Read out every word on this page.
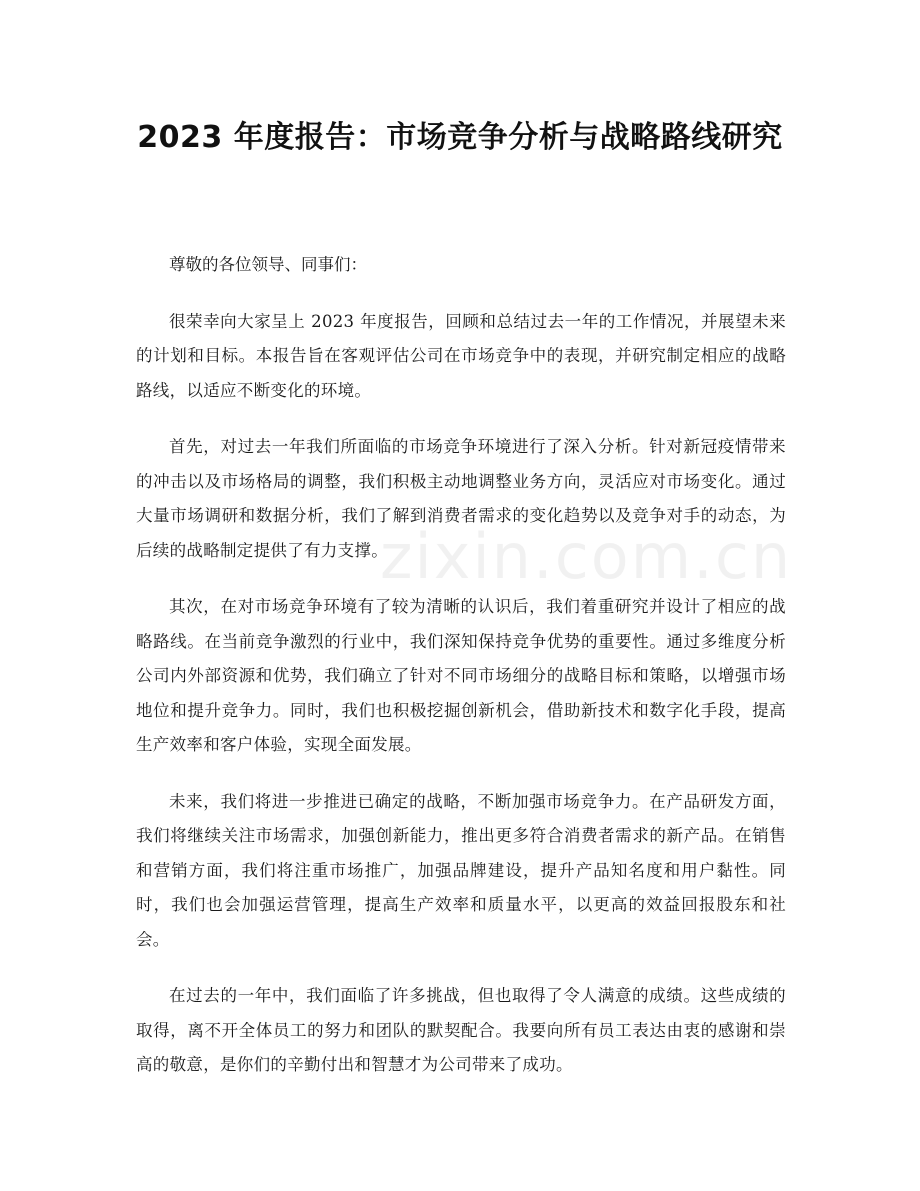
2023 年度报告：市场竞争分析与战略路线研究

尊敬的各位领导、同事们：

很荣幸向大家呈上 2023 年度报告，回顾和总结过去一年的工作情况，并展望未来的计划和目标。本报告旨在客观评估公司在市场竞争中的表现，并研究制定相应的战略路线，以适应不断变化的环境。

首先，对过去一年我们所面临的市场竞争环境进行了深入分析。针对新冠疫情带来的冲击以及市场格局的调整，我们积极主动地调整业务方向，灵活应对市场变化。通过大量市场调研和数据分析，我们了解到消费者需求的变化趋势以及竞争对手的动态，为后续的战略制定提供了有力支撑。

其次，在对市场竞争环境有了较为清晰的认识后，我们着重研究并设计了相应的战略路线。在当前竞争激烈的行业中，我们深知保持竞争优势的重要性。通过多维度分析公司内外部资源和优势，我们确立了针对不同市场细分的战略目标和策略，以增强市场地位和提升竞争力。同时，我们也积极挖掘创新机会，借助新技术和数字化手段，提高生产效率和客户体验，实现全面发展。

未来，我们将进一步推进已确定的战略，不断加强市场竞争力。在产品研发方面，我们将继续关注市场需求，加强创新能力，推出更多符合消费者需求的新产品。在销售和营销方面，我们将注重市场推广，加强品牌建设，提升产品知名度和用户黏性。同时，我们也会加强运营管理，提高生产效率和质量水平，以更高的效益回报股东和社会。

在过去的一年中，我们面临了许多挑战，但也取得了令人满意的成绩。这些成绩的取得，离不开全体员工的努力和团队的默契配合。我要向所有员工表达由衷的感谢和崇高的敬意，是你们的辛勤付出和智慧才为公司带来了成功。

zixin.com.cn
